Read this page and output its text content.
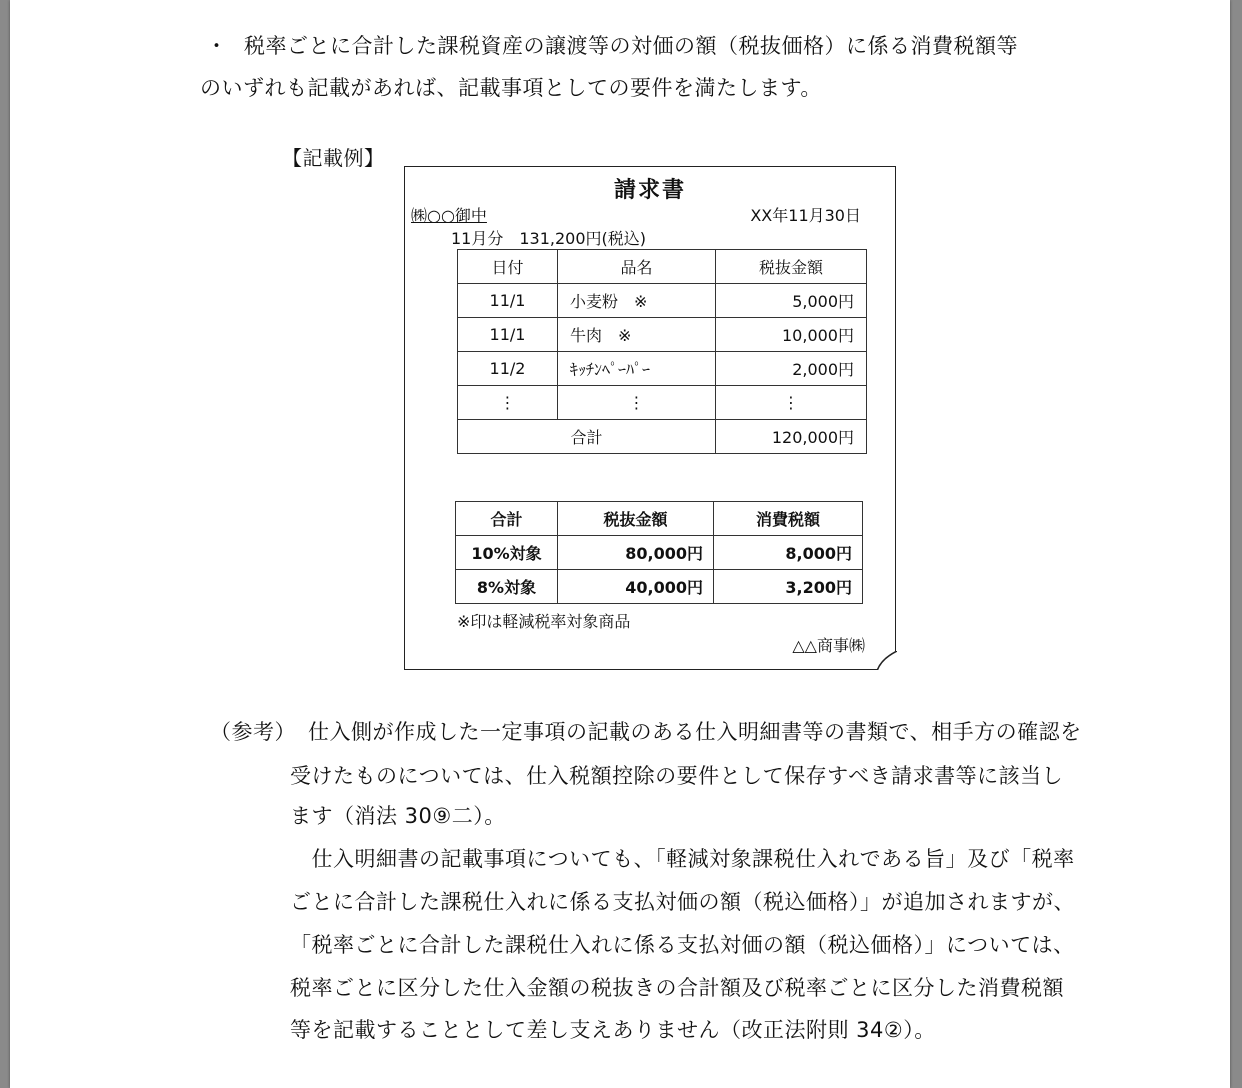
・ 税率ごとに合計した課税資産の譲渡等の対価の額（税抜価格）に係る消費税額等
のいずれも記載があれば、記載事項としての要件を満たします。
【記載例】
請求書
㈱○○御中	XX年11月30日
11月分　131,200円(税込)
日付	品名	税抜金額
11/1	小麦粉　※	5,000円
11/1	牛肉　※	10,000円
11/2	ｷｯﾁﾝﾍﾟｰﾊﾟｰ	2,000円
⋮	⋮	⋮
合計		120,000円
合計	税抜金額	消費税額
10%対象	80,000円	8,000円
8%対象	40,000円	3,200円
※印は軽減税率対象商品
△△商事㈱
（参考） 仕入側が作成した一定事項の記載のある仕入明細書等の書類で、相手方の確認を
受けたものについては、仕入税額控除の要件として保存すべき請求書等に該当し
ます（消法 30⑨二）。
　仕入明細書の記載事項についても、「軽減対象課税仕入れである旨」及び「税率
ごとに合計した課税仕入れに係る支払対価の額（税込価格）」が追加されますが、
「税率ごとに合計した課税仕入れに係る支払対価の額（税込価格）」については、
税率ごとに区分した仕入金額の税抜きの合計額及び税率ごとに区分した消費税額
等を記載することとして差し支えありません（改正法附則 34②）。
